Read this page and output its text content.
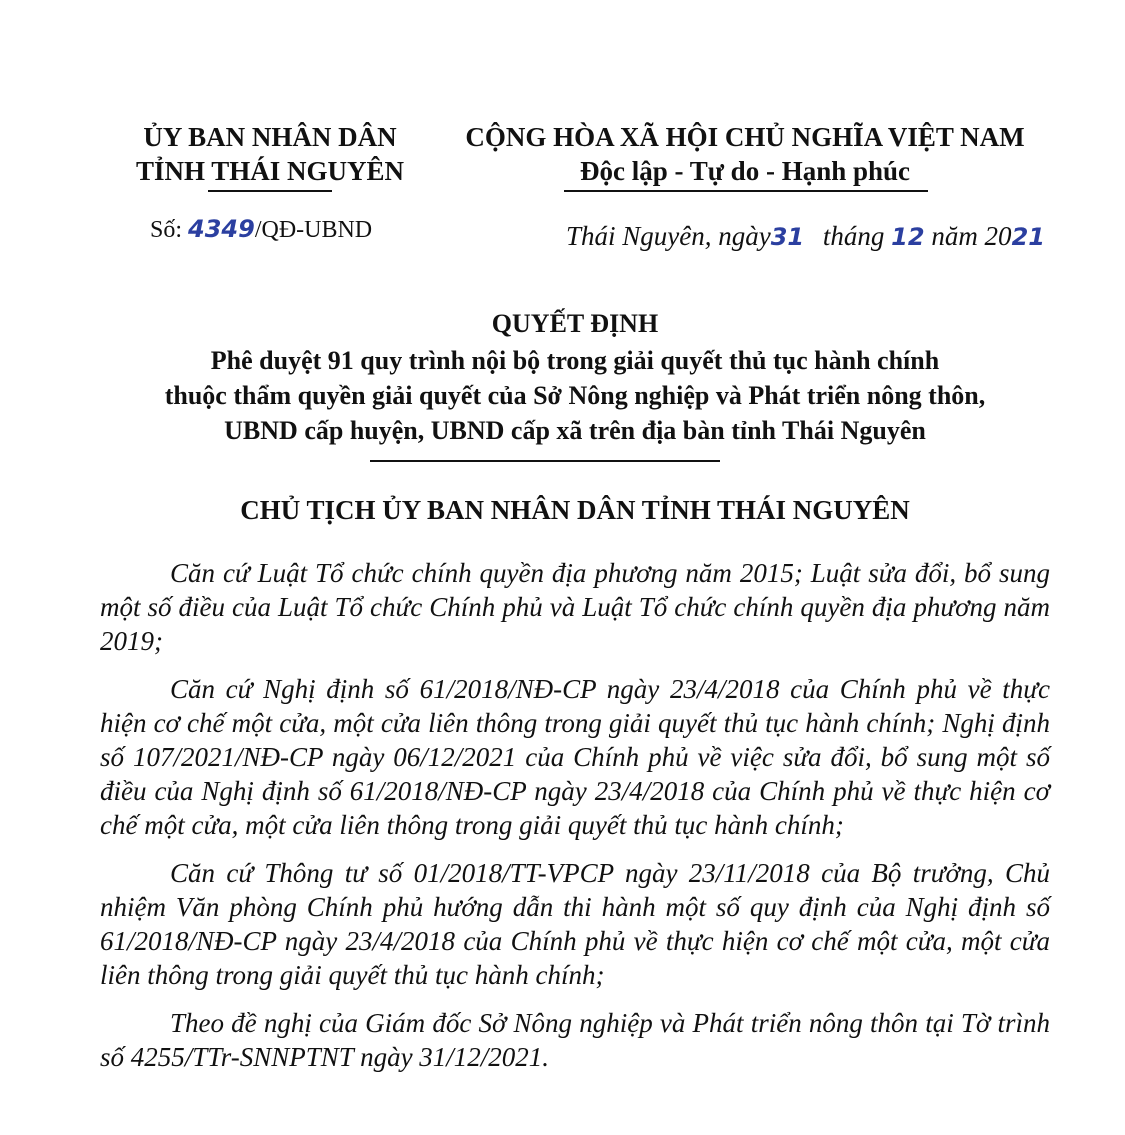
ỦY BAN NHÂN DÂN
TỈNH THÁI NGUYÊN
Số: 4349/QĐ-UBND
CỘNG HÒA XÃ HỘI CHỦ NGHĨA VIỆT NAM
Độc lập - Tự do - Hạnh phúc
Thái Nguyên, ngày31 tháng 12 năm 2021
QUYẾT ĐỊNH
Phê duyệt 91 quy trình nội bộ trong giải quyết thủ tục hành chính
thuộc thẩm quyền giải quyết của Sở Nông nghiệp và Phát triển nông thôn,
UBND cấp huyện, UBND cấp xã trên địa bàn tỉnh Thái Nguyên
CHỦ TỊCH ỦY BAN NHÂN DÂN TỈNH THÁI NGUYÊN

Căn cứ Luật Tổ chức chính quyền địa phương năm 2015; Luật sửa đổi, bổ sung một số điều của Luật Tổ chức Chính phủ và Luật Tổ chức chính quyền địa phương năm 2019;

Căn cứ Nghị định số 61/2018/NĐ-CP ngày 23/4/2018 của Chính phủ về thực hiện cơ chế một cửa, một cửa liên thông trong giải quyết thủ tục hành chính; Nghị định số 107/2021/NĐ-CP ngày 06/12/2021 của Chính phủ về việc sửa đổi, bổ sung một số điều của Nghị định số 61/2018/NĐ-CP ngày 23/4/2018 của Chính phủ về thực hiện cơ chế một cửa, một cửa liên thông trong giải quyết thủ tục hành chính;

Căn cứ Thông tư số 01/2018/TT-VPCP ngày 23/11/2018 của Bộ trưởng, Chủ nhiệm Văn phòng Chính phủ hướng dẫn thi hành một số quy định của Nghị định số 61/2018/NĐ-CP ngày 23/4/2018 của Chính phủ về thực hiện cơ chế một cửa, một cửa liên thông trong giải quyết thủ tục hành chính;

Theo đề nghị của Giám đốc Sở Nông nghiệp và Phát triển nông thôn tại Tờ trình số 4255/TTr-SNNPTNT ngày 31/12/2021.
